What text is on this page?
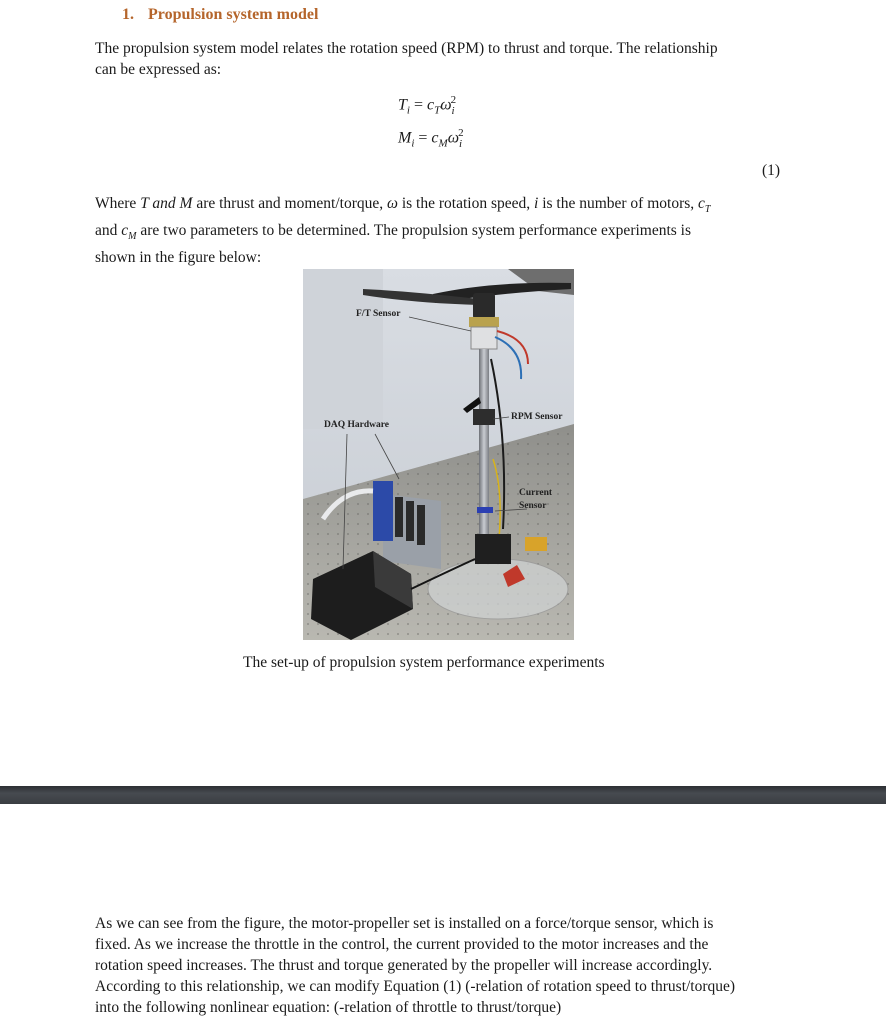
1. Propulsion system model
The propulsion system model relates the rotation speed (RPM) to thrust and torque. The relationship
can be expressed as:
$T_i = c_T\omega_i^2$
$M_i = c_M\omega_i^2$
(1)
Where T and M are thrust and moment/torque, ω is the rotation speed, i is the number of motors, $c_T$
and $c_M$ are two parameters to be determined. The propulsion system performance experiments is
shown in the figure below:
F/T Sensor
RPM Sensor
DAQ Hardware
Current
Sensor
The set-up of propulsion system performance experiments
As we can see from the figure, the motor-propeller set is installed on a force/torque sensor, which is
fixed. As we increase the throttle in the control, the current provided to the motor increases and the
rotation speed increases. The thrust and torque generated by the propeller will increase accordingly.
According to this relationship, we can modify Equation (1) (-relation of rotation speed to thrust/torque)
into the following nonlinear equation: (-relation of throttle to thrust/torque)
